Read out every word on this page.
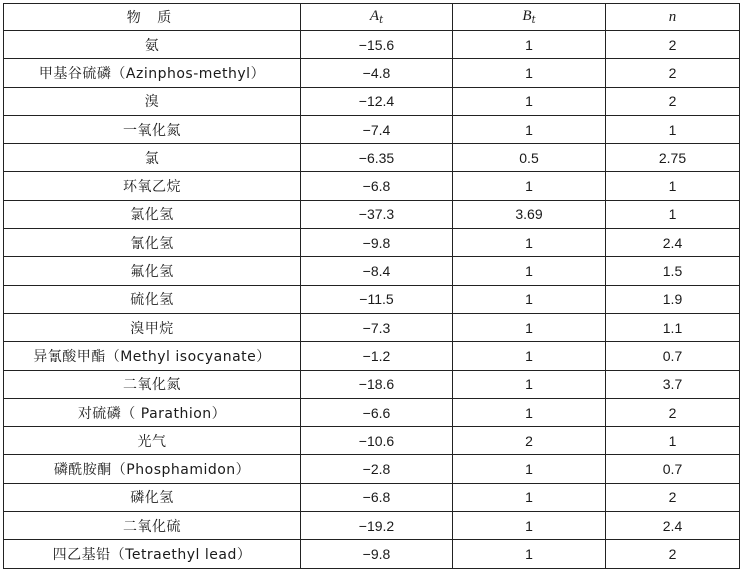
物 质	$A_t$	$B_t$	n
氨	−15.6	1	2
甲基谷硫磷（Azinphos-methyl）	−4.8	1	2
溴	−12.4	1	2
一氧化氮	−7.4	1	1
氯	−6.35	0.5	2.75
环氧乙烷	−6.8	1	1
氯化氢	−37.3	3.69	1
氰化氢	−9.8	1	2.4
氟化氢	−8.4	1	1.5
硫化氢	−11.5	1	1.9
溴甲烷	−7.3	1	1.1
异氰酸甲酯（Methyl isocyanate）	−1.2	1	0.7
二氧化氮	−18.6	1	3.7
对硫磷（ Parathion）	−6.6	1	2
光气	−10.6	2	1
磷酰胺酮（Phosphamidon）	−2.8	1	0.7
磷化氢	−6.8	1	2
二氧化硫	−19.2	1	2.4
四乙基铅（Tetraethyl lead）	−9.8	1	2
